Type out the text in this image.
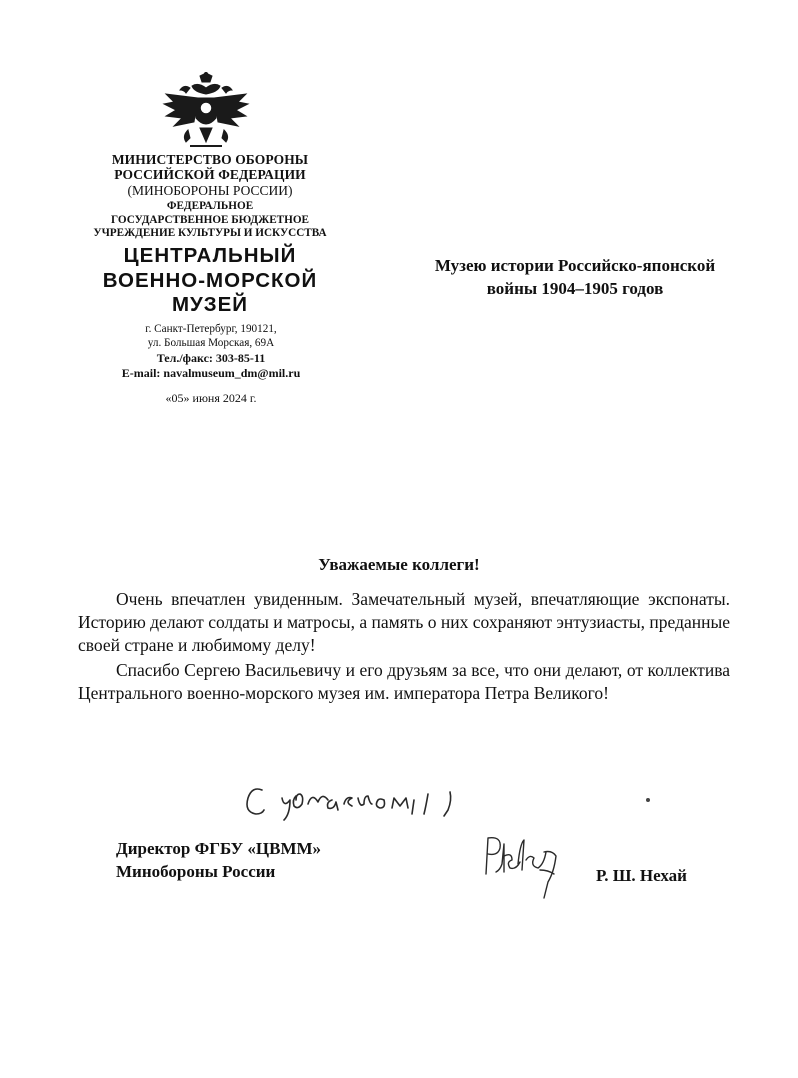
МИНИСТЕРСТВО ОБОРОНЫ
РОССИЙСКОЙ ФЕДЕРАЦИИ
(МИНОБОРОНЫ РОССИИ)
ФЕДЕРАЛЬНОЕ
ГОСУДАРСТВЕННОЕ БЮДЖЕТНОЕ
УЧРЕЖДЕНИЕ КУЛЬТУРЫ И ИСКУССТВА
ЦЕНТРАЛЬНЫЙ
ВОЕННО-МОРСКОЙ
МУЗЕЙ
г. Санкт-Петербург, 190121,
ул. Большая Морская, 69А
Тел./факс: 303-85-11
E-mail: navalmuseum_dm@mil.ru
«05» июня 2024 г.
Музею истории Российско-японской
войны 1904–1905 годов
Уважаемые коллеги!

Очень впечатлен увиденным. Замечательный музей, впечатляющие экспонаты. Историю делают солдаты и матросы, а память о них сохраняют энтузиасты, преданные своей стране и любимому делу!

Спасибо Сергею Васильевичу и его друзьям за все, что они делают, от коллектива Центрального военно-морского музея им. императора Петра Великого!

Директор ФГБУ «ЦВММ»
Минобороны России	Р. Ш. Нехай
